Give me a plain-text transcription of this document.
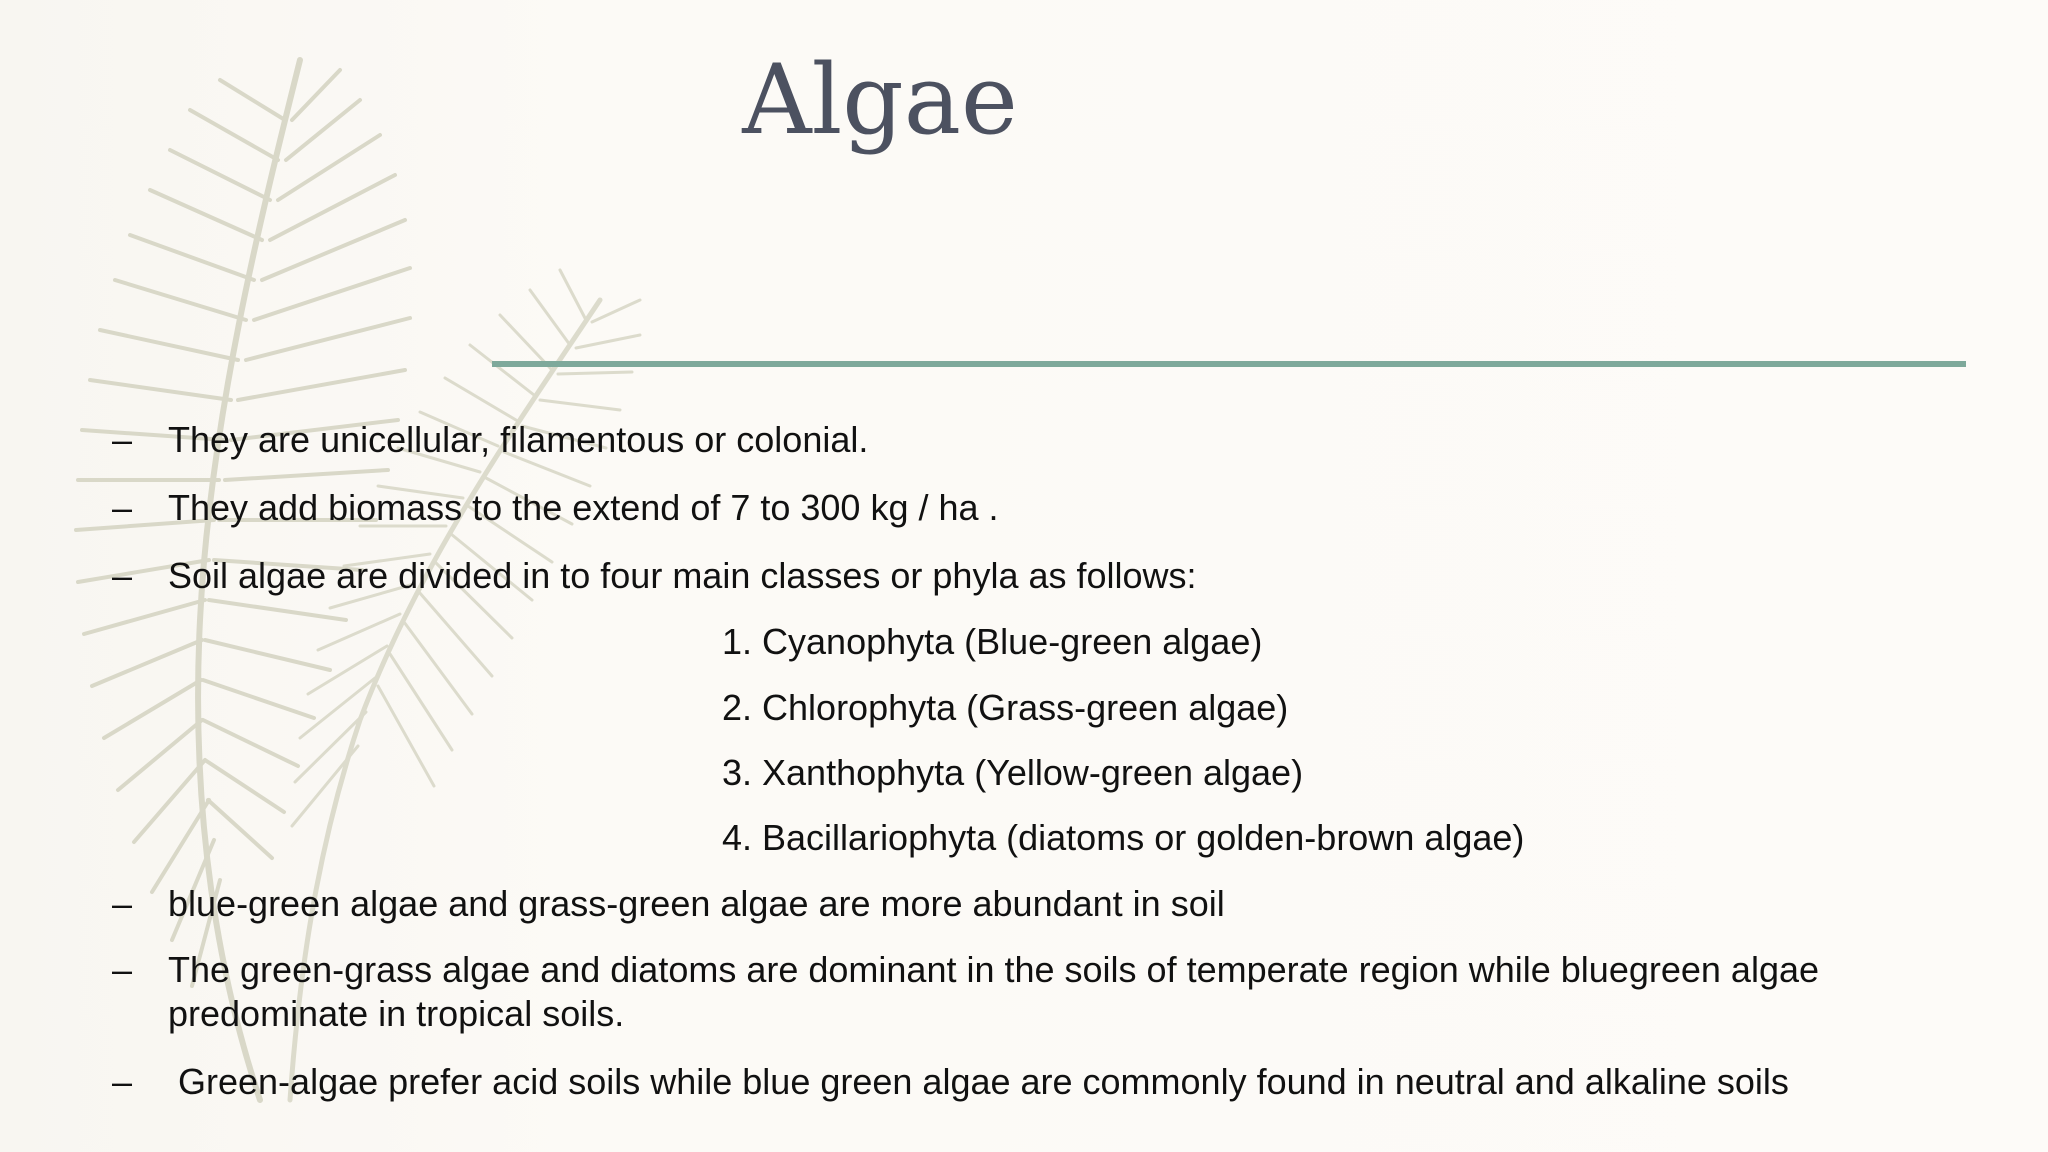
Algae
– They are unicellular, filamentous or colonial.
– They add biomass to the extend of 7 to 300 kg / ha .
– Soil algae are divided in to four main classes or phyla as follows:
1. Cyanophyta (Blue-green algae)
2. Chlorophyta (Grass-green algae)
3. Xanthophyta (Yellow-green algae)
4. Bacillariophyta (diatoms or golden-brown algae)
– blue-green algae and grass-green algae are more abundant in soil
– The green-grass algae and diatoms are dominant in the soils of temperate region while bluegreen algae predominate in tropical soils.
– Green-algae prefer acid soils while blue green algae are commonly found in neutral and alkaline soils
